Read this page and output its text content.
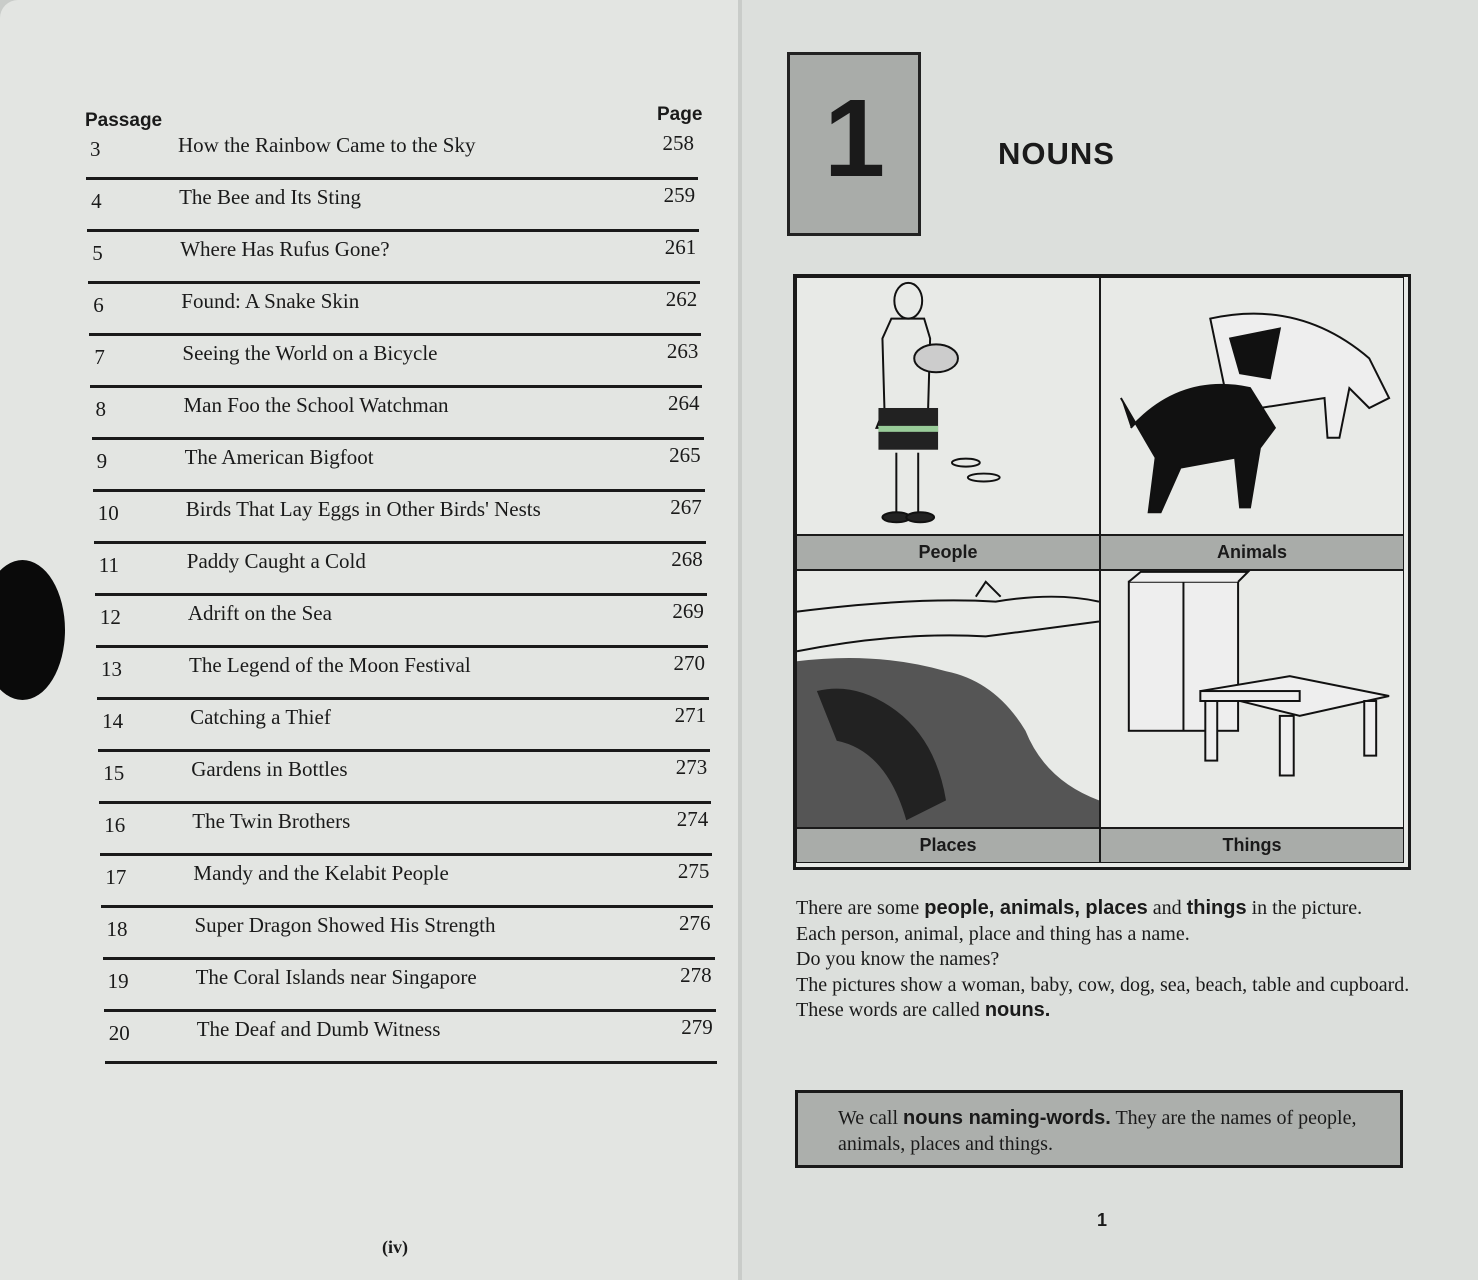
Passage	Page
3	How the Rainbow Came to the Sky	258
4	The Bee and Its Sting	259
5	Where Has Rufus Gone?	261
6	Found: A Snake Skin	262
7	Seeing the World on a Bicycle	263
8	Man Foo the School Watchman	264
9	The American Bigfoot	265
10	Birds That Lay Eggs in Other Birds' Nests	267
11	Paddy Caught a Cold	268
12	Adrift on the Sea	269
13	The Legend of the Moon Festival	270
14	Catching a Thief	271
15	Gardens in Bottles	273
16	The Twin Brothers	274
17	Mandy and the Kelabit People	275
18	Super Dragon Showed His Strength	276
19	The Coral Islands near Singapore	278
20	The Deaf and Dumb Witness	279
(iv)
1	NOUNS
People	Animals
Places	Things
There are some people, animals, places and things in the picture.
Each person, animal, place and thing has a name.
Do you know the names?
The pictures show a woman, baby, cow, dog, sea, beach, table and cupboard.
These words are called nouns.
We call nouns naming-words. They are the names of people, animals, places and things.
1
